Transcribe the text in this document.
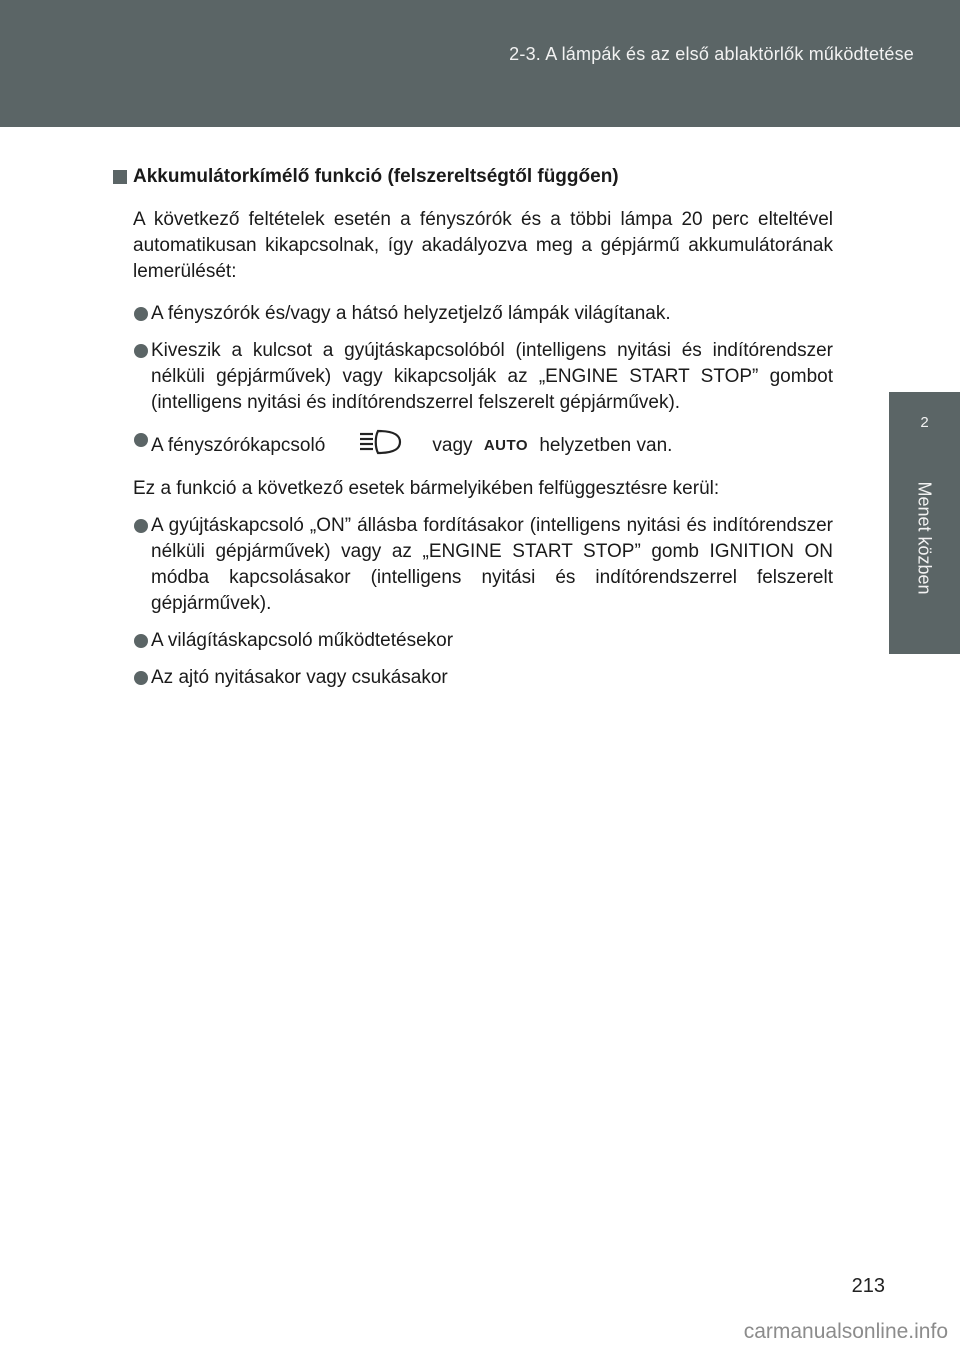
2-3. A lámpák és az első ablaktörlők működtetése
2
Menet közben
Akkumulátorkímélő funkció (felszereltségtől függően)

A következő feltételek esetén a fényszórók és a többi lámpa 20 perc elteltével automatikusan kikapcsolnak, így akadályozva meg a gépjármű akkumulátorának lemerülését:

A fényszórók és/vagy a hátsó helyzetjelző lámpák világítanak.
Kiveszik a kulcsot a gyújtáskapcsolóból (intelligens nyitási és indítórendszer nélküli gépjárművek) vagy kikapcsolják az „ENGINE START STOP” gombot (intelligens nyitási és indítórendszerrel felszerelt gépjárművek).
A fényszórókapcsoló	vagy AUTO helyzetben van.

Ez a funkció a következő esetek bármelyikében felfüggesztésre kerül:

A gyújtáskapcsoló „ON” állásba fordításakor (intelligens nyitási és indítórendszer nélküli gépjárművek) vagy az „ENGINE START STOP” gomb IGNITION ON módba kapcsolásakor (intelligens nyitási és indítórendszerrel felszerelt gépjárművek).
A világításkapcsoló működtetésekor
Az ajtó nyitásakor vagy csukásakor
213
carmanualsonline.info
